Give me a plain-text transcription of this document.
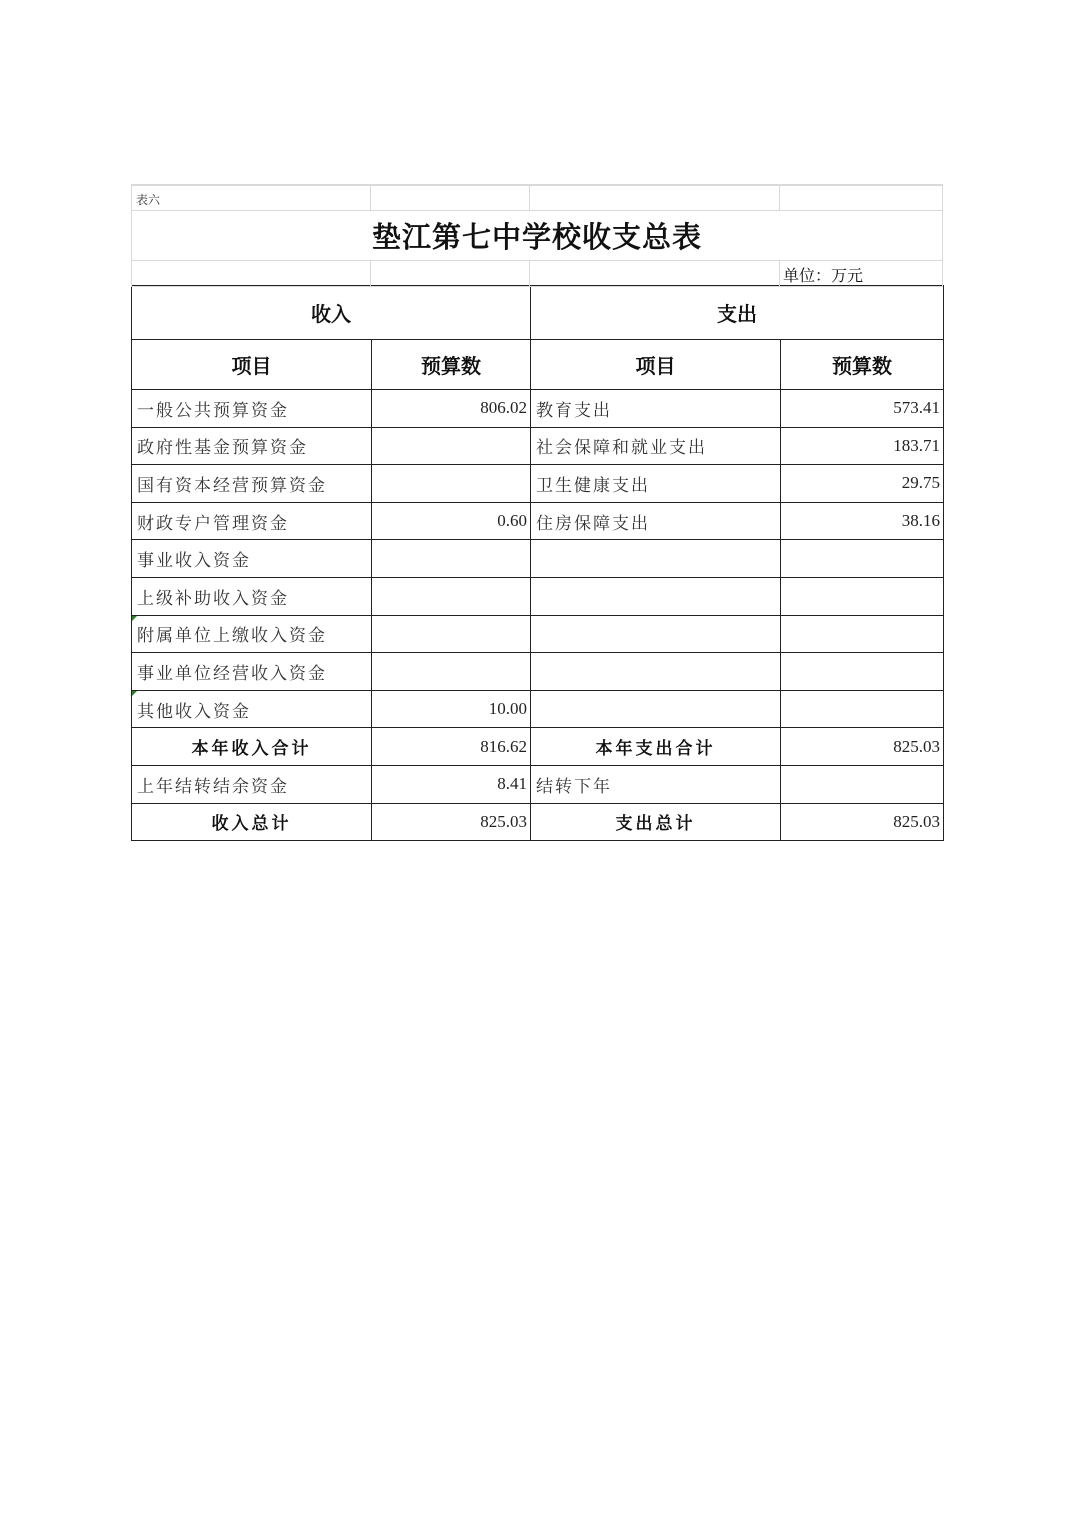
表六
垫江第七中学校收支总表
单位：万元
收入		支出	
项目	预算数	项目	预算数
一般公共预算资金	806.02	教育支出	573.41
政府性基金预算资金		社会保障和就业支出	183.71
国有资本经营预算资金		卫生健康支出	29.75
财政专户管理资金	0.60	住房保障支出	38.16
事业收入资金			
上级补助收入资金			
附属单位上缴收入资金			
事业单位经营收入资金			
其他收入资金	10.00		
本年收入合计	816.62	本年支出合计	825.03
上年结转结余资金	8.41	结转下年	
收入总计	825.03	支出总计	825.03
